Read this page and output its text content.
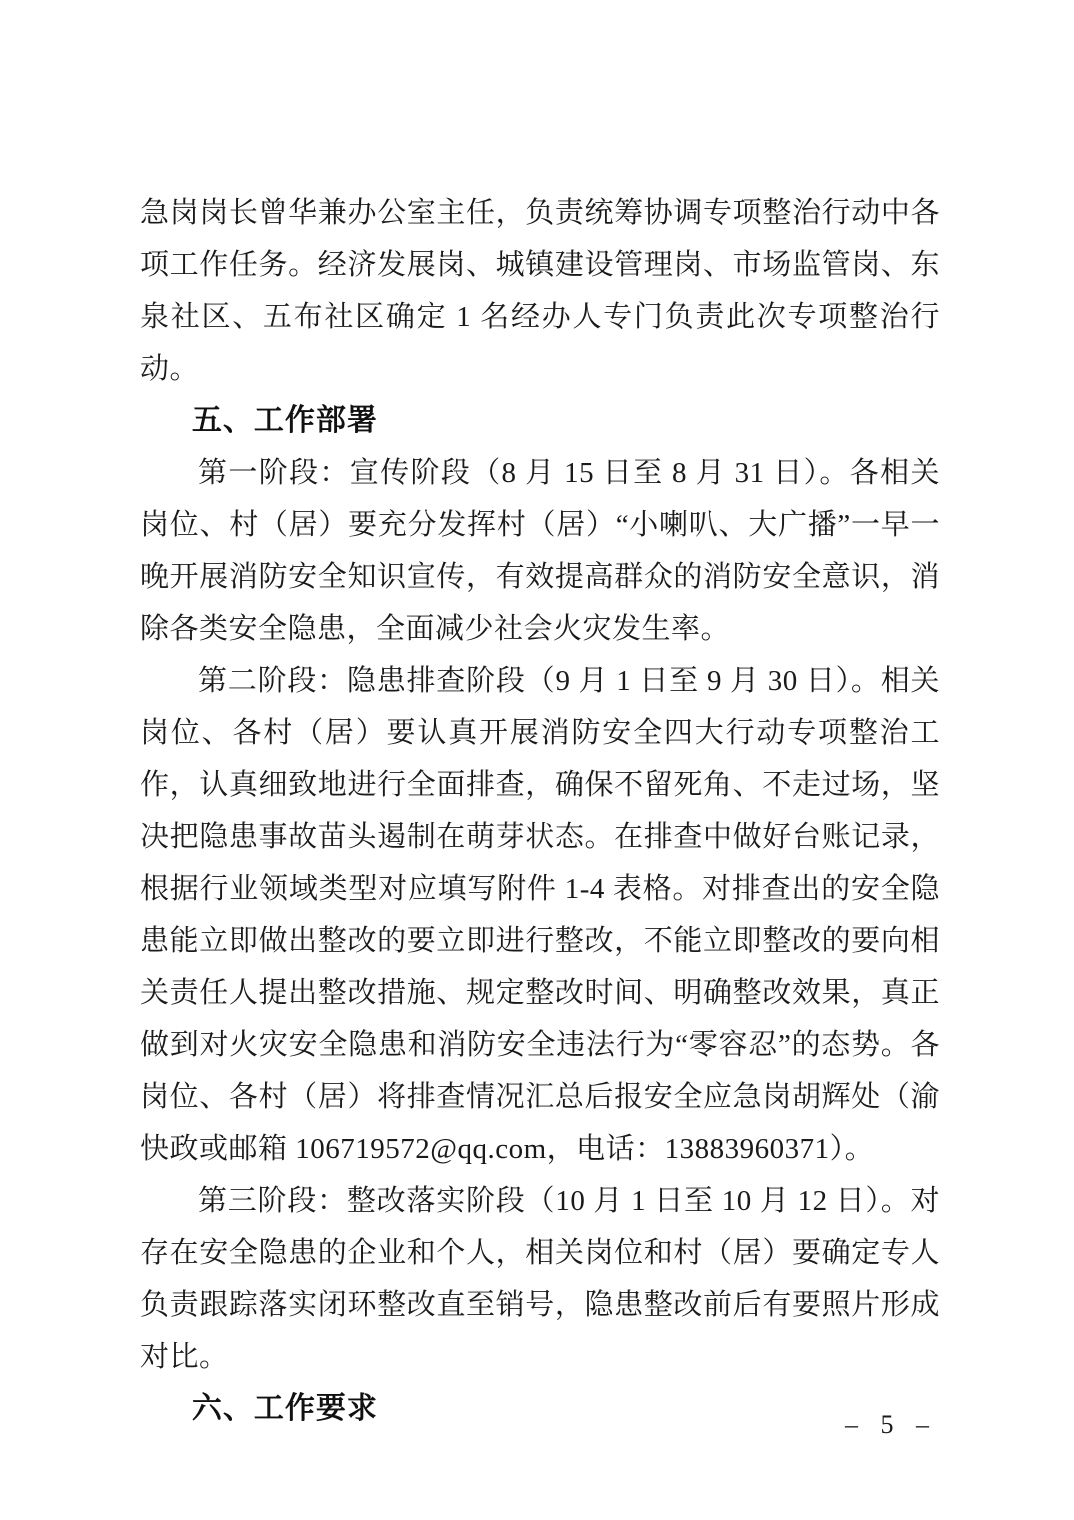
急岗岗长曾华兼办公室主任，负责统筹协调专项整治行动中各项工作任务。经济发展岗、城镇建设管理岗、市场监管岗、东泉社区、五布社区确定 1 名经办人专门负责此次专项整治行动。

五、工作部署

第一阶段：宣传阶段（8 月 15 日至 8 月 31 日）。各相关岗位、村（居）要充分发挥村（居）“小喇叭、大广播”一早一晚开展消防安全知识宣传，有效提高群众的消防安全意识，消除各类安全隐患，全面减少社会火灾发生率。

第二阶段：隐患排查阶段（9 月 1 日至 9 月 30 日）。相关岗位、各村（居）要认真开展消防安全四大行动专项整治工作，认真细致地进行全面排查，确保不留死角、不走过场，坚决把隐患事故苗头遏制在萌芽状态。在排查中做好台账记录，根据行业领域类型对应填写附件 1-4 表格。对排查出的安全隐患能立即做出整改的要立即进行整改，不能立即整改的要向相关责任人提出整改措施、规定整改时间、明确整改效果，真正做到对火灾安全隐患和消防安全违法行为“零容忍”的态势。各岗位、各村（居）将排查情况汇总后报安全应急岗胡辉处（渝快政或邮箱 106719572@qq.com，电话：13883960371）。

第三阶段：整改落实阶段（10 月 1 日至 10 月 12 日）。对存在安全隐患的企业和个人，相关岗位和村（居）要确定专人负责跟踪落实闭环整改直至销号，隐患整改前后有要照片形成对比。

六、工作要求	– 5 –
